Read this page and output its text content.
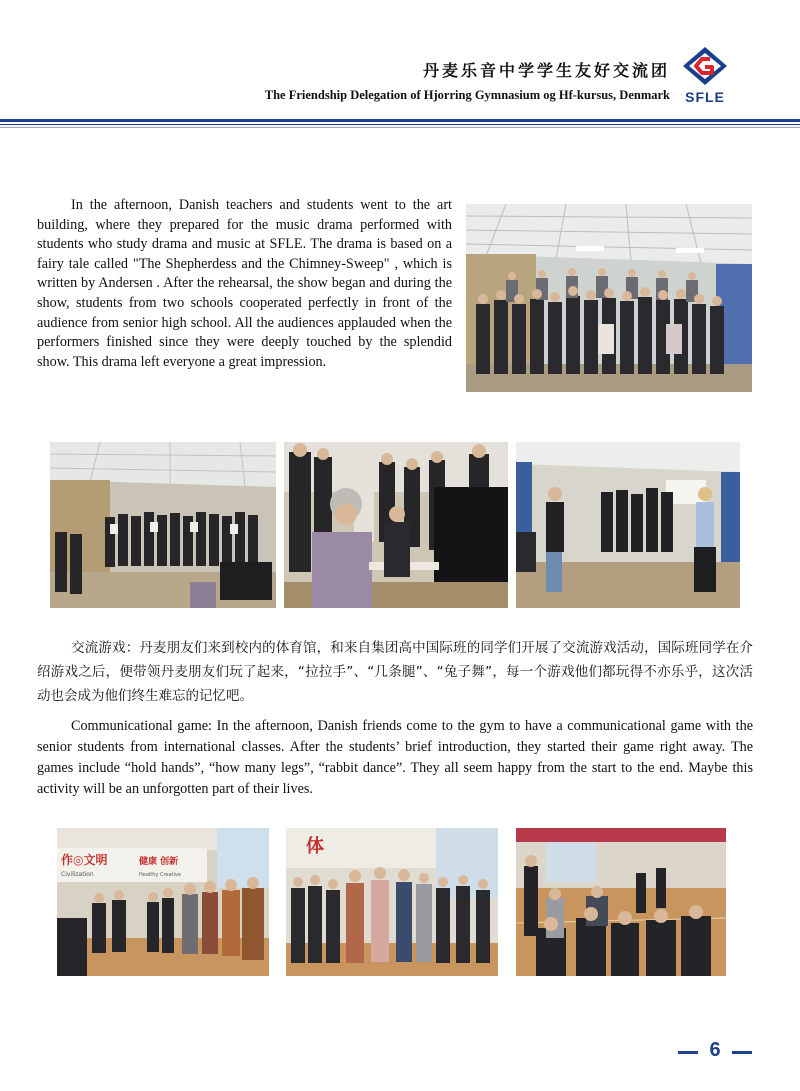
丹麦乐音中学学生友好交流团
The Friendship Delegation of Hjorring Gymnasium og Hf-kursus, Denmark	SFLE

In the afternoon, Danish teachers and students went to the art building, where they prepared for the music drama performed with students who study drama and music at SFLE. The drama is based on a fairy tale called "The Shepherdess and the Chimney-Sweep" , which is written by Andersen . After the rehearsal, the show began and during the show, students from two schools cooperated perfectly in front of the audience from senior high school. All the audiences applauded when the performers finished since they were deeply touched by the splendid show. This drama left everyone a great impression.

交流游戏：丹麦朋友们来到校内的体育馆，和来自集团高中国际班的同学们开展了交流游戏活动，国际班同学在介绍游戏之后，便带领丹麦朋友们玩了起来，“拉拉手”、“几条腿”、“兔子舞”，每一个游戏他们都玩得不亦乐乎，这次活动也会成为他们终生难忘的记忆吧。

Communicational game: In the afternoon, Danish friends come to the gym to have a communicational game with the senior students from international classes. After the students’ brief introduction, they started their game right away. The games include “hold hands”, “how many legs”, “rabbit dance”. They all seem happy from the start to the end. Maybe this activity will be an unforgotten part of their lives.

作◎文明
Civilization
健康 创新
Healthy Creative
体
6
